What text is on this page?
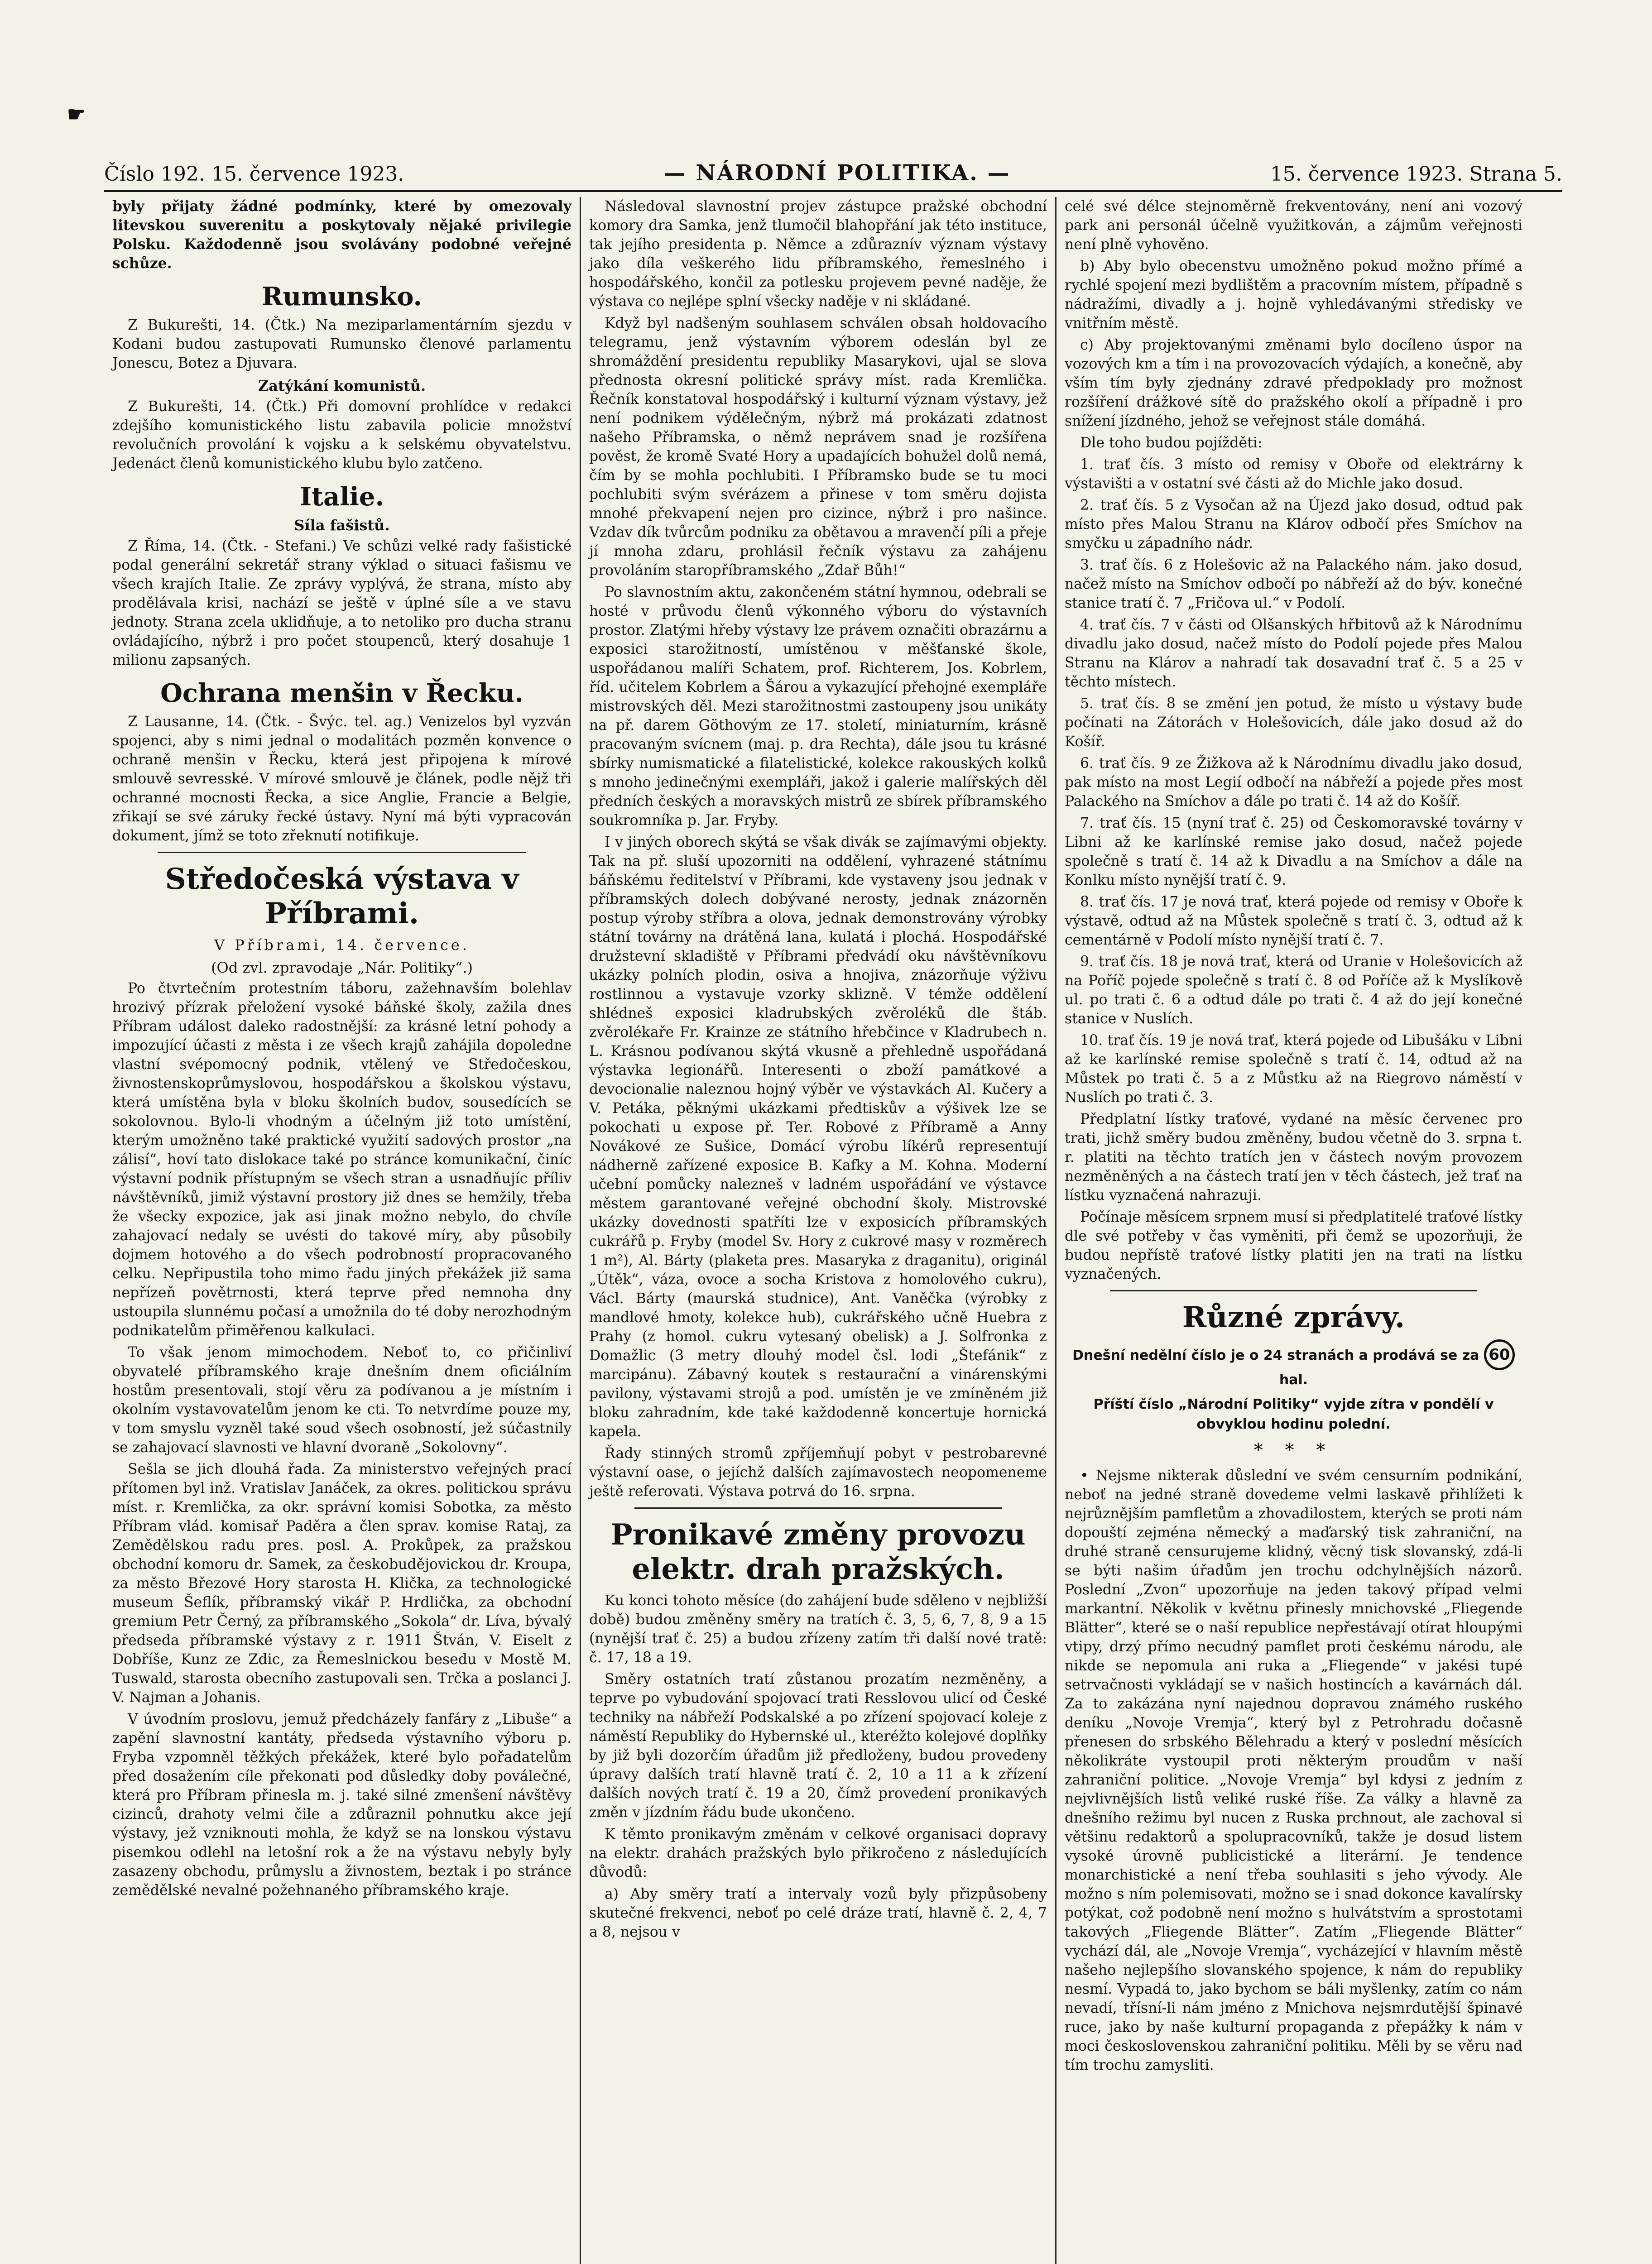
☛
Číslo 192. 15. července 1923.	— NÁRODNÍ POLITIKA. —	15. července 1923. Strana 5.

byly přijaty žádné podmínky, které by omezovaly litevskou suverenitu a poskytovaly nějaké privilegie Polsku. Každodenně jsou svolávány podobné veřejné schůze.

Rumunsko.

Z Bukurešti, 14. (Čtk.) Na meziparlamentárním sjezdu v Kodani budou zastupovati Rumunsko členové parlamentu Jonescu, Botez a Djuvara.

Zatýkání komunistů.

Z Bukurešti, 14. (Čtk.) Při domovní prohlídce v redakci zdejšího komunistického listu zabavila policie množství revolučních provolání k vojsku a k selskému obyvatelstvu. Jedenáct členů komunistického klubu bylo zatčeno.

Italie.
Síla fašistů.

Z Říma, 14. (Čtk. - Stefani.) Ve schůzi velké rady fašistické podal generální sekretář strany výklad o situaci fašismu ve všech krajích Italie. Ze zprávy vyplývá, že strana, místo aby prodělávala krisi, nachází se ještě v úplné síle a ve stavu jednoty. Strana zcela uklidňuje, a to netoliko pro ducha stranu ovládajícího, nýbrž i pro počet stoupenců, který dosahuje 1 milionu zapsaných.

Ochrana menšin v Řecku.

Z Lausanne, 14. (Čtk. - Švýc. tel. ag.) Venizelos byl vyzván spojenci, aby s nimi jednal o modalitách pozměn konvence o ochraně menšin v Řecku, která jest připojena k mírové smlouvě sevresské. V mírové smlouvě je článek, podle nějž tři ochranné mocnosti Řecka, a sice Anglie, Francie a Belgie, zřikají se své záruky řecké ústavy. Nyní má býti vypracován dokument, jímž se toto zřeknutí notifikuje.

Středočeská výstava v Příbrami.
V Příbrami, 14. července.
(Od zvl. zpravodaje „Nár. Politiky“.)

Po čtvrtečním protestním táboru, zažehnavším bolehlav hrozivý přízrak přeložení vysoké báňské školy, zažila dnes Příbram událost daleko radostnější: za krásné letní pohody a impozující účasti z města i ze všech krajů zahájila dopoledne vlastní svépomocný podnik, vtělený ve Středočeskou, živnostenskoprůmyslovou, hospodářskou a školskou výstavu, která umístěna byla v bloku školních budov, sousedících se sokolovnou. Bylo-li vhodným a účelným již toto umístění, kterým umožněno také praktické využití sadových prostor „na zálisí“, hoví tato dislokace také po stránce komunikační, činíc výstavní podnik přístupným se všech stran a usnadňujíc příliv návštěvníků, jimiž výstavní prostory již dnes se hemžily, třeba že všecky expozice, jak asi jinak možno nebylo, do chvíle zahajovací nedaly se uvésti do takové míry, aby působily dojmem hotového a do všech podrobností propracovaného celku. Nepřipustila toho mimo řadu jiných překážek již sama nepřízeň povětrnosti, která teprve před nemnoha dny ustoupila slunnému počasí a umožnila do té doby nerozhodným podnikatelům přiměřenou kalkulaci.

To však jenom mimochodem. Neboť to, co přičinliví obyvatelé příbramského kraje dnešním dnem oficiálním hostům presentovali, stojí věru za podívanou a je místním i okolním vystavovatelům jenom ke cti. To netvrdíme pouze my, v tom smyslu vyzněl také soud všech osobností, jež súčastnily se zahajovací slavnosti ve hlavní dvoraně „Sokolovny“.

Sešla se jich dlouhá řada. Za ministerstvo veřejných prací přítomen byl inž. Vratislav Janáček, za okres. politickou správu míst. r. Kremlička, za okr. správní komisi Sobotka, za město Příbram vlád. komisař Paděra a člen sprav. komise Rataj, za Zemědělskou radu pres. posl. A. Prokůpek, za pražskou obchodní komoru dr. Samek, za českobudějovickou dr. Kroupa, za město Březové Hory starosta H. Klička, za technologické museum Šeflík, příbramský vikář P. Hrdlička, za obchodní gremium Petr Černý, za příbramského „Sokola“ dr. Líva, bývalý předseda příbramské výstavy z r. 1911 Štván, V. Eiselt z Dobříše, Kunz ze Zdic, za Řemeslnickou besedu v Mostě M. Tuswald, starosta obecního zastupovali sen. Trčka a poslanci J. V. Najman a Johanis.

V úvodním proslovu, jemuž předcházely fanfáry z „Libuše“ a zapění slavnostní kantáty, předseda výstavního výboru p. Fryba vzpomněl těžkých překážek, které bylo pořadatelům před dosažením cíle překonati pod důsledky doby poválečné, která pro Příbram přinesla m. j. také silné zmenšení návštěvy cizinců, drahoty velmi čile a zdůraznil pohnutku akce její výstavy, jež vzniknouti mohla, že když se na lonskou výstavu pisemkou odlehl na letošní rok a že na výstavu nebyly byly zasazeny obchodu, průmyslu a živnostem, beztak i po stránce zemědělské nevalné požehnaného příbramského kraje.

Následoval slavnostní projev zástupce pražské obchodní komory dra Samka, jenž tlumočil blahopřání jak této instituce, tak jejího presidenta p. Němce a zdůraznív význam výstavy jako díla veškerého lidu příbramského, řemeslného i hospodářského, končil za potlesku projevem pevné naděje, že výstava co nejlépe splní všecky naděje v ni skládané.

Když byl nadšeným souhlasem schválen obsah holdovacího telegramu, jenž výstavním výborem odeslán byl ze shromáždění presidentu republiky Masarykovi, ujal se slova přednosta okresní politické správy míst. rada Kremlička. Řečník konstatoval hospodářský i kulturní význam výstavy, jež není podnikem výdělečným, nýbrž má prokázati zdatnost našeho Příbramska, o němž neprávem snad je rozšířena pověst, že kromě Svaté Hory a upadajících bohužel dolů nemá, čím by se mohla pochlubiti. I Příbramsko bude se tu moci pochlubiti svým svérázem a přinese v tom směru dojista mnohé překvapení nejen pro cizince, nýbrž i pro našince. Vzdav dík tvůrcům podniku za obětavou a mravenčí píli a přeje jí mnoha zdaru, prohlásil řečník výstavu za zahájenu provoláním staropříbramského „Zdař Bůh!“

Po slavnostním aktu, zakončeném státní hymnou, odebrali se hosté v průvodu členů výkonného výboru do výstavních prostor. Zlatými hřeby výstavy lze právem označiti obrazárnu a exposici starožitností, umístěnou v měšťanské škole, uspořádanou malíři Schatem, prof. Richterem, Jos. Kobrlem, říd. učitelem Kobrlem a Šárou a vykazující přehojné exempláře mistrovských děl. Mezi starožitnostmi zastoupeny jsou unikáty na př. darem Göthovým ze 17. století, miniaturním, krásně pracovaným svícnem (maj. p. dra Rechta), dále jsou tu krásné sbírky numismatické a filatelistické, kolekce rakouských kolků s mnoho jedinečnými exempláři, jakož i galerie malířských děl předních českých a moravských mistrů ze sbírek příbramského soukromníka p. Jar. Fryby.

I v jiných oborech skýtá se však divák se zajímavými objekty. Tak na př. sluší upozorniti na oddělení, vyhrazené státnímu báňskému ředitelství v Příbrami, kde vystaveny jsou jednak v příbramských dolech dobývané nerosty, jednak znázorněn postup výroby stříbra a olova, jednak demonstrovány výrobky státní továrny na drátěná lana, kulatá i plochá. Hospodářské družstevní skladiště v Příbrami předvádí oku návštěvníkovu ukázky polních plodin, osiva a hnojiva, znázorňuje výživu rostlinnou a vystavuje vzorky sklizně. V témže oddělení shlédneš exposici kladrubských zvěroléků dle štáb. zvěrolékaře Fr. Krainze ze státního hřebčince v Kladrubech n. L. Krásnou podívanou skýtá vkusně a přehledně uspořádaná výstavka legionářů. Interesenti o zboží památkové a devocionalie naleznou hojný výběr ve výstavkách Al. Kučery a V. Petáka, pěknými ukázkami předtiskův a výšivek lze se pokochati u expose př. Ter. Robové z Příbramě a Anny Novákové ze Sušice, Domácí výrobu líkérů representují nádherně zařízené exposice B. Kafky a M. Kohna. Moderní učební pomůcky nalezneš v ladném uspořádání ve výstavce městem garantované veřejné obchodní školy. Mistrovské ukázky dovednosti spatříti lze v exposicích příbramských cukrářů p. Fryby (model Sv. Hory z cukrové masy v rozměrech 1 m²), Al. Bárty (plaketa pres. Masaryka z draganitu), originál „Útěk“, váza, ovoce a socha Kristova z homolového cukru), Václ. Bárty (maurská studnice), Ant. Vaněčka (výrobky z mandlové hmoty, kolekce hub), cukrářského učně Huebra z Prahy (z homol. cukru vytesaný obelisk) a J. Solfronka z Domažlic (3 metry dlouhý model čsl. lodi „Štefánik“ z marcipánu). Zábavný koutek s restaurační a vinárenskými pavilony, výstavami strojů a pod. umístěn je ve zmíněném již bloku zahradním, kde také každodenně koncertuje hornická kapela.

Řady stinných stromů zpříjemňují pobyt v pestrobarevné výstavní oase, o jejíchž dalších zajímavostech neopomeneme ještě referovati. Výstava potrvá do 16. srpna.

Pronikavé změny provozu elektr. drah pražských.

Ku konci tohoto měsíce (do zahájení bude sděleno v nejbližší době) budou změněny směry na tratích č. 3, 5, 6, 7, 8, 9 a 15 (nynější trať č. 25) a budou zřízeny zatím tři další nové tratě: č. 17, 18 a 19.

Směry ostatních tratí zůstanou prozatím nezměněny, a teprve po vybudování spojovací trati Resslovou ulicí od České techniky na nábřeží Podskalské a po zřízení spojovací koleje z náměstí Republiky do Hybernské ul., kteréžto kolejové doplňky by již byli dozorčím úřadům již předloženy, budou provedeny úpravy dalších tratí hlavně tratí č. 2, 10 a 11 a k zřízení dalších nových tratí č. 19 a 20, čímž provedení pronikavých změn v jízdním řádu bude ukončeno.

K těmto pronikavým změnám v celkové organisaci dopravy na elektr. drahách pražských bylo přikročeno z následujících důvodů:

a) Aby směry tratí a intervaly vozů byly přizpůsobeny skutečné frekvenci, neboť po celé dráze tratí, hlavně č. 2, 4, 7 a 8, nejsou v

celé své délce stejnoměrně frekventovány, není ani vozový park ani personál účelně využitkován, a zájmům veřejnosti není plně vyhověno.

b) Aby bylo obecenstvu umožněno pokud možno přímé a rychlé spojení mezi bydlištěm a pracovním místem, případně s nádražími, divadly a j. hojně vyhledávanými středisky ve vnitřním městě.

c) Aby projektovanými změnami bylo docíleno úspor na vozových km a tím i na provozovacích výdajích, a konečně, aby vším tím byly zjednány zdravé předpoklady pro možnost rozšíření drážkové sítě do pražského okolí a případně i pro snížení jízdného, jehož se veřejnost stále domáhá.

Dle toho budou pojížděti:

1. trať čís. 3 místo od remisy v Oboře od elektrárny k výstavišti a v ostatní své části až do Michle jako dosud.

2. trať čís. 5 z Vysočan až na Újezd jako dosud, odtud pak místo přes Malou Stranu na Klárov odbočí přes Smíchov na smyčku u západního nádr.

3. trať čís. 6 z Holešovic až na Palackého nám. jako dosud, načež místo na Smíchov odbočí po nábřeží až do býv. konečné stanice tratí č. 7 „Fričova ul.“ v Podolí.

4. trať čís. 7 v části od Olšanských hřbitovů až k Národnímu divadlu jako dosud, načež místo do Podolí pojede přes Malou Stranu na Klárov a nahradí tak dosavadní trať č. 5 a 25 v těchto místech.

5. trať čís. 8 se změní jen potud, že místo u výstavy bude počínati na Zátorách v Holešovicích, dále jako dosud až do Košíř.

6. trať čís. 9 ze Žižkova až k Národnímu divadlu jako dosud, pak místo na most Legií odbočí na nábřeží a pojede přes most Palackého na Smíchov a dále po trati č. 14 až do Košíř.

7. trať čís. 15 (nyní trať č. 25) od Českomoravské továrny v Libni až ke karlínské remise jako dosud, načež pojede společně s tratí č. 14 až k Divadlu a na Smíchov a dále na Konlku místo nynější tratí č. 9.

8. trať čís. 17 je nová trať, která pojede od remisy v Oboře k výstavě, odtud až na Můstek společně s tratí č. 3, odtud až k cementárně v Podolí místo nynější tratí č. 7.

9. trať čís. 18 je nová trať, která od Uranie v Holešovicích až na Poříč pojede společně s tratí č. 8 od Poříče až k Myslíkově ul. po trati č. 6 a odtud dále po trati č. 4 až do její konečné stanice v Nuslích.

10. trať čís. 19 je nová trať, která pojede od Libušáku v Libni až ke karlínské remise společně s tratí č. 14, odtud až na Můstek po trati č. 5 a z Můstku až na Riegrovo náměstí v Nuslích po trati č. 3.

Předplatní lístky traťové, vydané na měsíc červenec pro trati, jichž směry budou změněny, budou včetně do 3. srpna t. r. platiti na těchto tratích jen v částech novým provozem nezměněných a na částech tratí jen v těch částech, jež trať na lístku vyznačená nahrazuji.

Počínaje měsícem srpnem musí si předplatitelé traťové lístky dle své potřeby v čas vyměniti, při čemž se upozorňuji, že budou nepřístě traťové lístky platiti jen na trati na lístku vyznačených.

Různé zprávy.
Dnešní nedělní číslo je o 24 stranách a prodává se za 60 hal.
Příští číslo „Národní Politiky“ vyjde zítra v pondělí v obvyklou hodinu polední.
* * *

• Nejsme nikterak důslední ve svém censurním podnikání, neboť na jedné straně dovedeme velmi laskavě přihlížeti k nejrůznějším pamfletům a zhovadilostem, kterých se proti nám dopouští zejména německý a maďarský tisk zahraniční, na druhé straně censurujeme klidný, věcný tisk slovanský, zdá-li se býti našim úřadům jen trochu odchylnějších názorů. Poslední „Zvon“ upozorňuje na jeden takový případ velmi markantní. Několik v květnu přinesly mnichovské „Fliegende Blätter“, které se o naší republice nepřestávají otírat hloupými vtipy, drzý přímo necudný pamflet proti českému národu, ale nikde se nepomula ani ruka a „Fliegende“ v jakési tupé setrvačnosti vykládají se v našich hostincích a kavárnách dál. Za to zakázána nyní najednou dopravou známého ruského deníku „Novoje Vremja“, který byl z Petrohradu dočasně přenesen do srbského Bělehradu a který v poslední měsících několikráte vystoupil proti některým proudům v naší zahraniční politice. „Novoje Vremja“ byl kdysi z jedním z nejvlivnějších listů veliké ruské říše. Za války a hlavně za dnešního režimu byl nucen z Ruska prchnout, ale zachoval si většinu redaktorů a spolupracovníků, takže je dosud listem vysoké úrovně publicistické a literární. Je tendence monarchistické a není třeba souhlasiti s jeho vývody. Ale možno s ním polemisovati, možno se i snad dokonce kavalírsky potýkat, což podobně není možno s hulvátstvím a sprostotami takových „Fliegende Blätter“. Zatím „Fliegende Blätter“ vychází dál, ale „Novoje Vremja“, vycházející v hlavním městě našeho nejlepšího slovanského spojence, k nám do republiky nesmí. Vypadá to, jako bychom se báli myšlenky, zatím co nám nevadí, třísní-li nám jméno z Mnichova nejsmrdutější špinavé ruce, jako by naše kulturní propaganda z přepážky k nám v moci československou zahraniční politiku. Měli by se věru nad tím trochu zamysliti.
